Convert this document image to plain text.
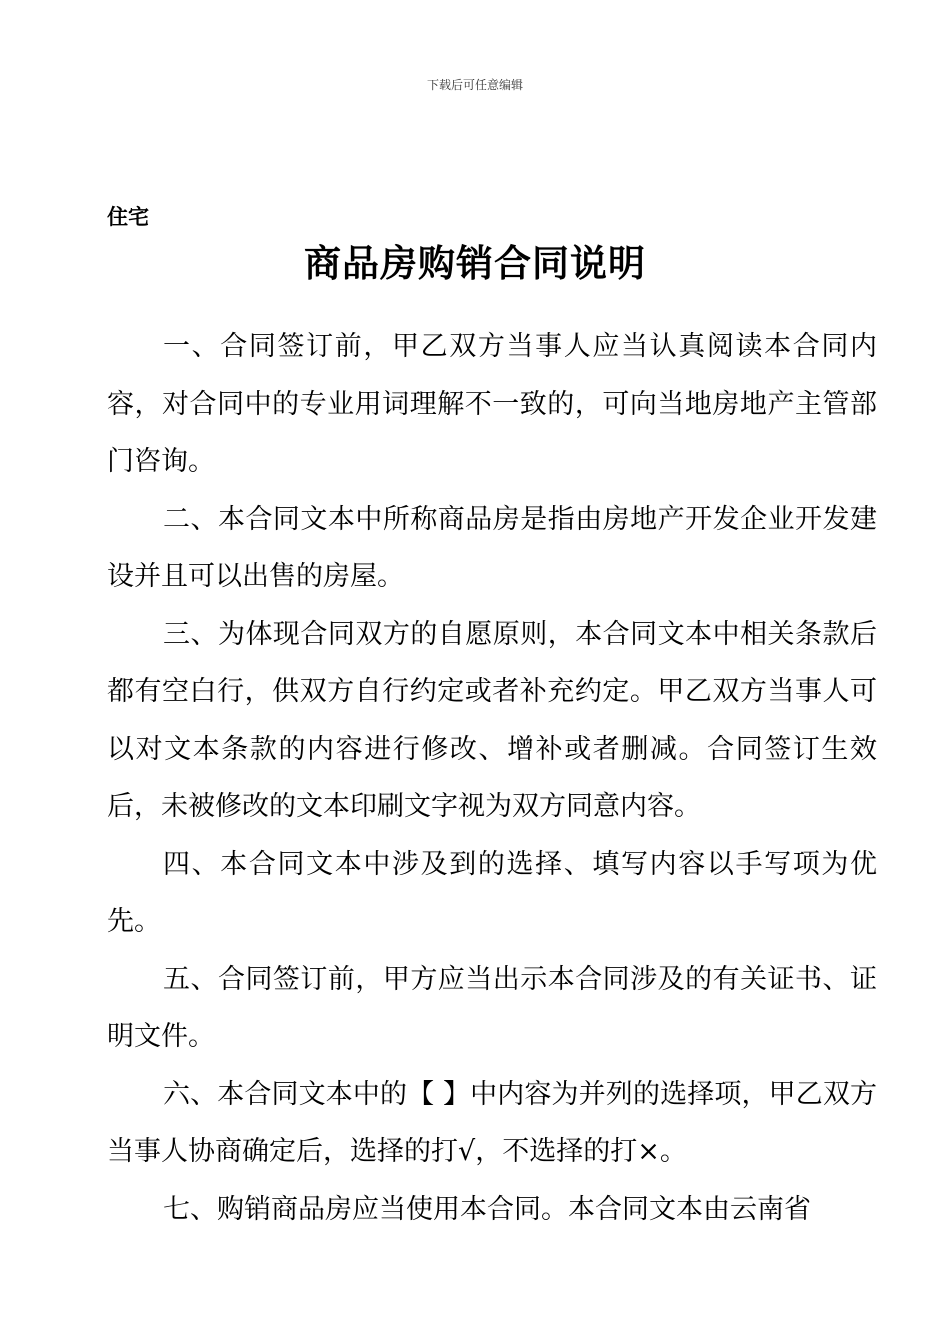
下载后可任意编辑
住宅
商品房购销合同说明

一、合同签订前，甲乙双方当事人应当认真阅读本合同内容，对合同中的专业用词理解不一致的，可向当地房地产主管部门咨询。

二、本合同文本中所称商品房是指由房地产开发企业开发建设并且可以出售的房屋。

三、为体现合同双方的自愿原则，本合同文本中相关条款后都有空白行，供双方自行约定或者补充约定。甲乙双方当事人可以对文本条款的内容进行修改、增补或者删减。合同签订生效后，未被修改的文本印刷文字视为双方同意内容。

四、本合同文本中涉及到的选择、填写内容以手写项为优先。

五、合同签订前，甲方应当出示本合同涉及的有关证书、证明文件。

六、本合同文本中的【 】中内容为并列的选择项，甲乙双方当事人协商确定后，选择的打√，不选择的打×。

七、购销商品房应当使用本合同。本合同文本由云南省
